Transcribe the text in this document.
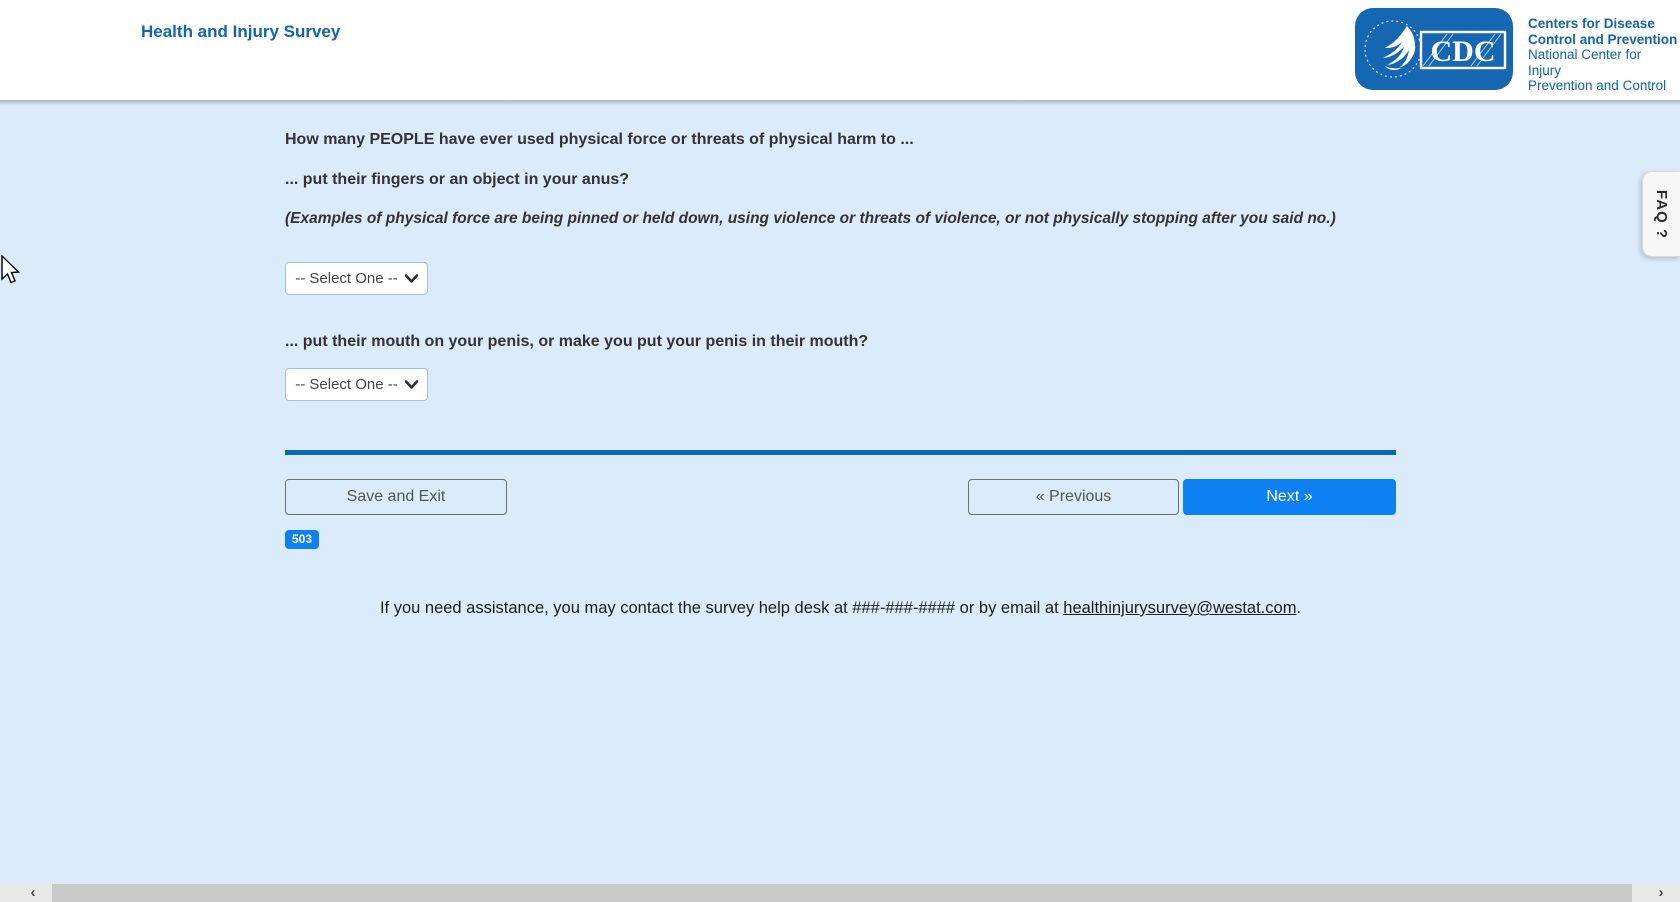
Health and Injury Survey
CDC
Centers for Disease
Control and Prevention
National Center for Injury
Prevention and Control
How many PEOPLE have ever used physical force or threats of physical harm to ...
... put their fingers or an object in your anus?
(Examples of physical force are being pinned or held down, using violence or threats of violence, or not physically stopping after you said no.)
-- Select One --
... put their mouth on your penis, or make you put your penis in their mouth?
-- Select One --
Save and Exit	« Previous	Next »
503
If you need assistance, you may contact the survey help desk at ###-###-#### or by email at healthinjurysurvey@westat.com.
FAQ ?
‹	›
